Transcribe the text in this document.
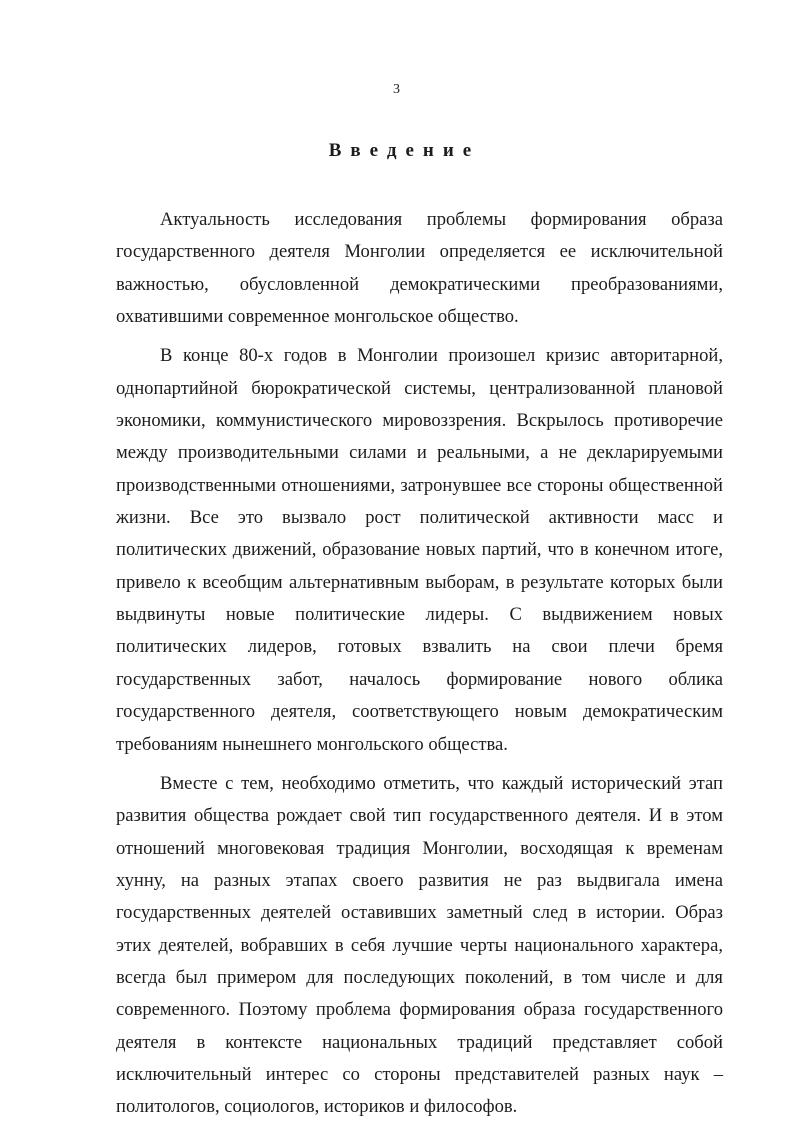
3
Введение

Актуальность исследования проблемы формирования образа государственного деятеля Монголии определяется ее исключительной важностью, обусловленной демократическими преобразованиями, охватившими современное монгольское общество.

В конце 80-х годов в Монголии произошел кризис авторитарной, однопартийной бюрократической системы, централизованной плановой экономики, коммунистического мировоззрения. Вскрылось противоречие между производительными силами и реальными, а не декларируемыми производственными отношениями, затронувшее все стороны общественной жизни. Все это вызвало рост политической активности масс и политических движений, образование новых партий, что в конечном итоге, привело к всеобщим альтернативным выборам, в результате которых были выдвинуты новые политические лидеры. С выдвижением новых политических лидеров, готовых взвалить на свои плечи бремя государственных забот, началось формирование нового облика государственного деятеля, соответствующего новым демократическим требованиям нынешнего монгольского общества.

Вместе с тем, необходимо отметить, что каждый исторический этап развития общества рождает свой тип государственного деятеля. И в этом отношений многовековая традиция Монголии, восходящая к временам хунну, на разных этапах своего развития не раз выдвигала имена государственных деятелей оставивших заметный след в истории. Образ этих деятелей, вобравших в себя лучшие черты национального характера, всегда был примером для последующих поколений, в том числе и для современного. Поэтому проблема формирования образа государственного деятеля в контексте национальных традиций представляет собой исключительный интерес со стороны представителей разных наук – политологов, социологов, историков и философов.
